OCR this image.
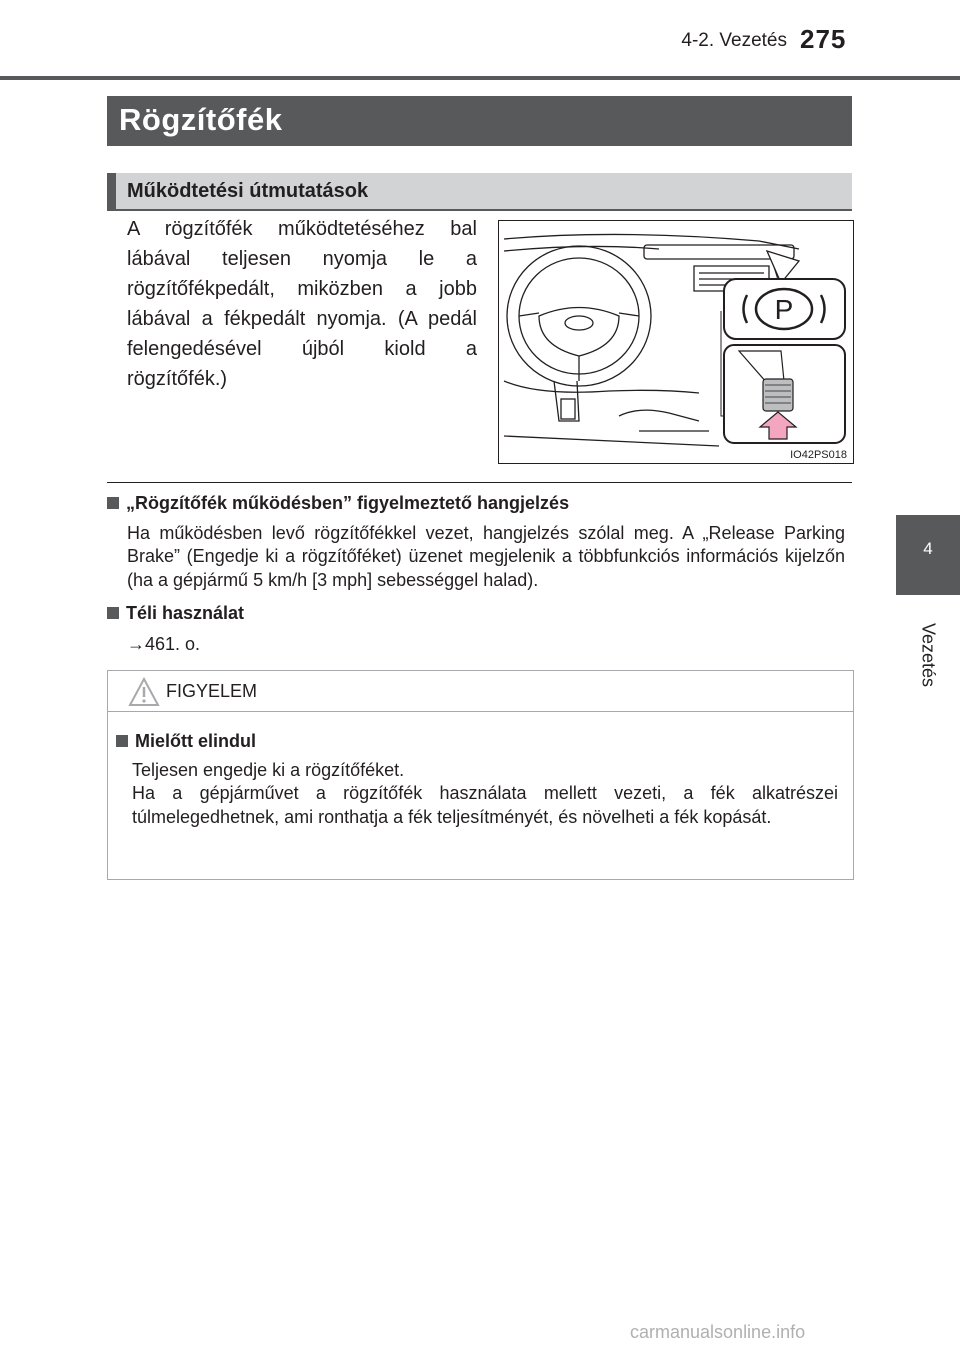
4-2. Vezetés 275
4
Vezetés
Rögzítőfék
Működtetési útmutatások
A rögzítőfék működtetéséhez bal lábával teljesen nyomja le a rögzítőfékpedált, miközben a jobb lábával a fékpedált nyomja. (A pedál felengedésével újból kiold a rögzítőfék.)
P
IO42PS018
„Rögzítőfék működésben” figyelmeztető hangjelzés
Ha működésben levő rögzítőfékkel vezet, hangjelzés szólal meg. A „Release Parking Brake” (Engedje ki a rögzítőféket) üzenet megjelenik a többfunkciós információs kijelzőn (ha a gépjármű 5 km/h [3 mph] sebességgel halad).
Téli használat
→461. o.
FIGYELEM
Mielőtt elindul
Teljesen engedje ki a rögzítőféket.
Ha a gépjárművet a rögzítőfék használata mellett vezeti, a fék alkatrészei túlmelegedhetnek, ami ronthatja a fék teljesítményét, és növelheti a fék kopását.
carmanualsonline.info
